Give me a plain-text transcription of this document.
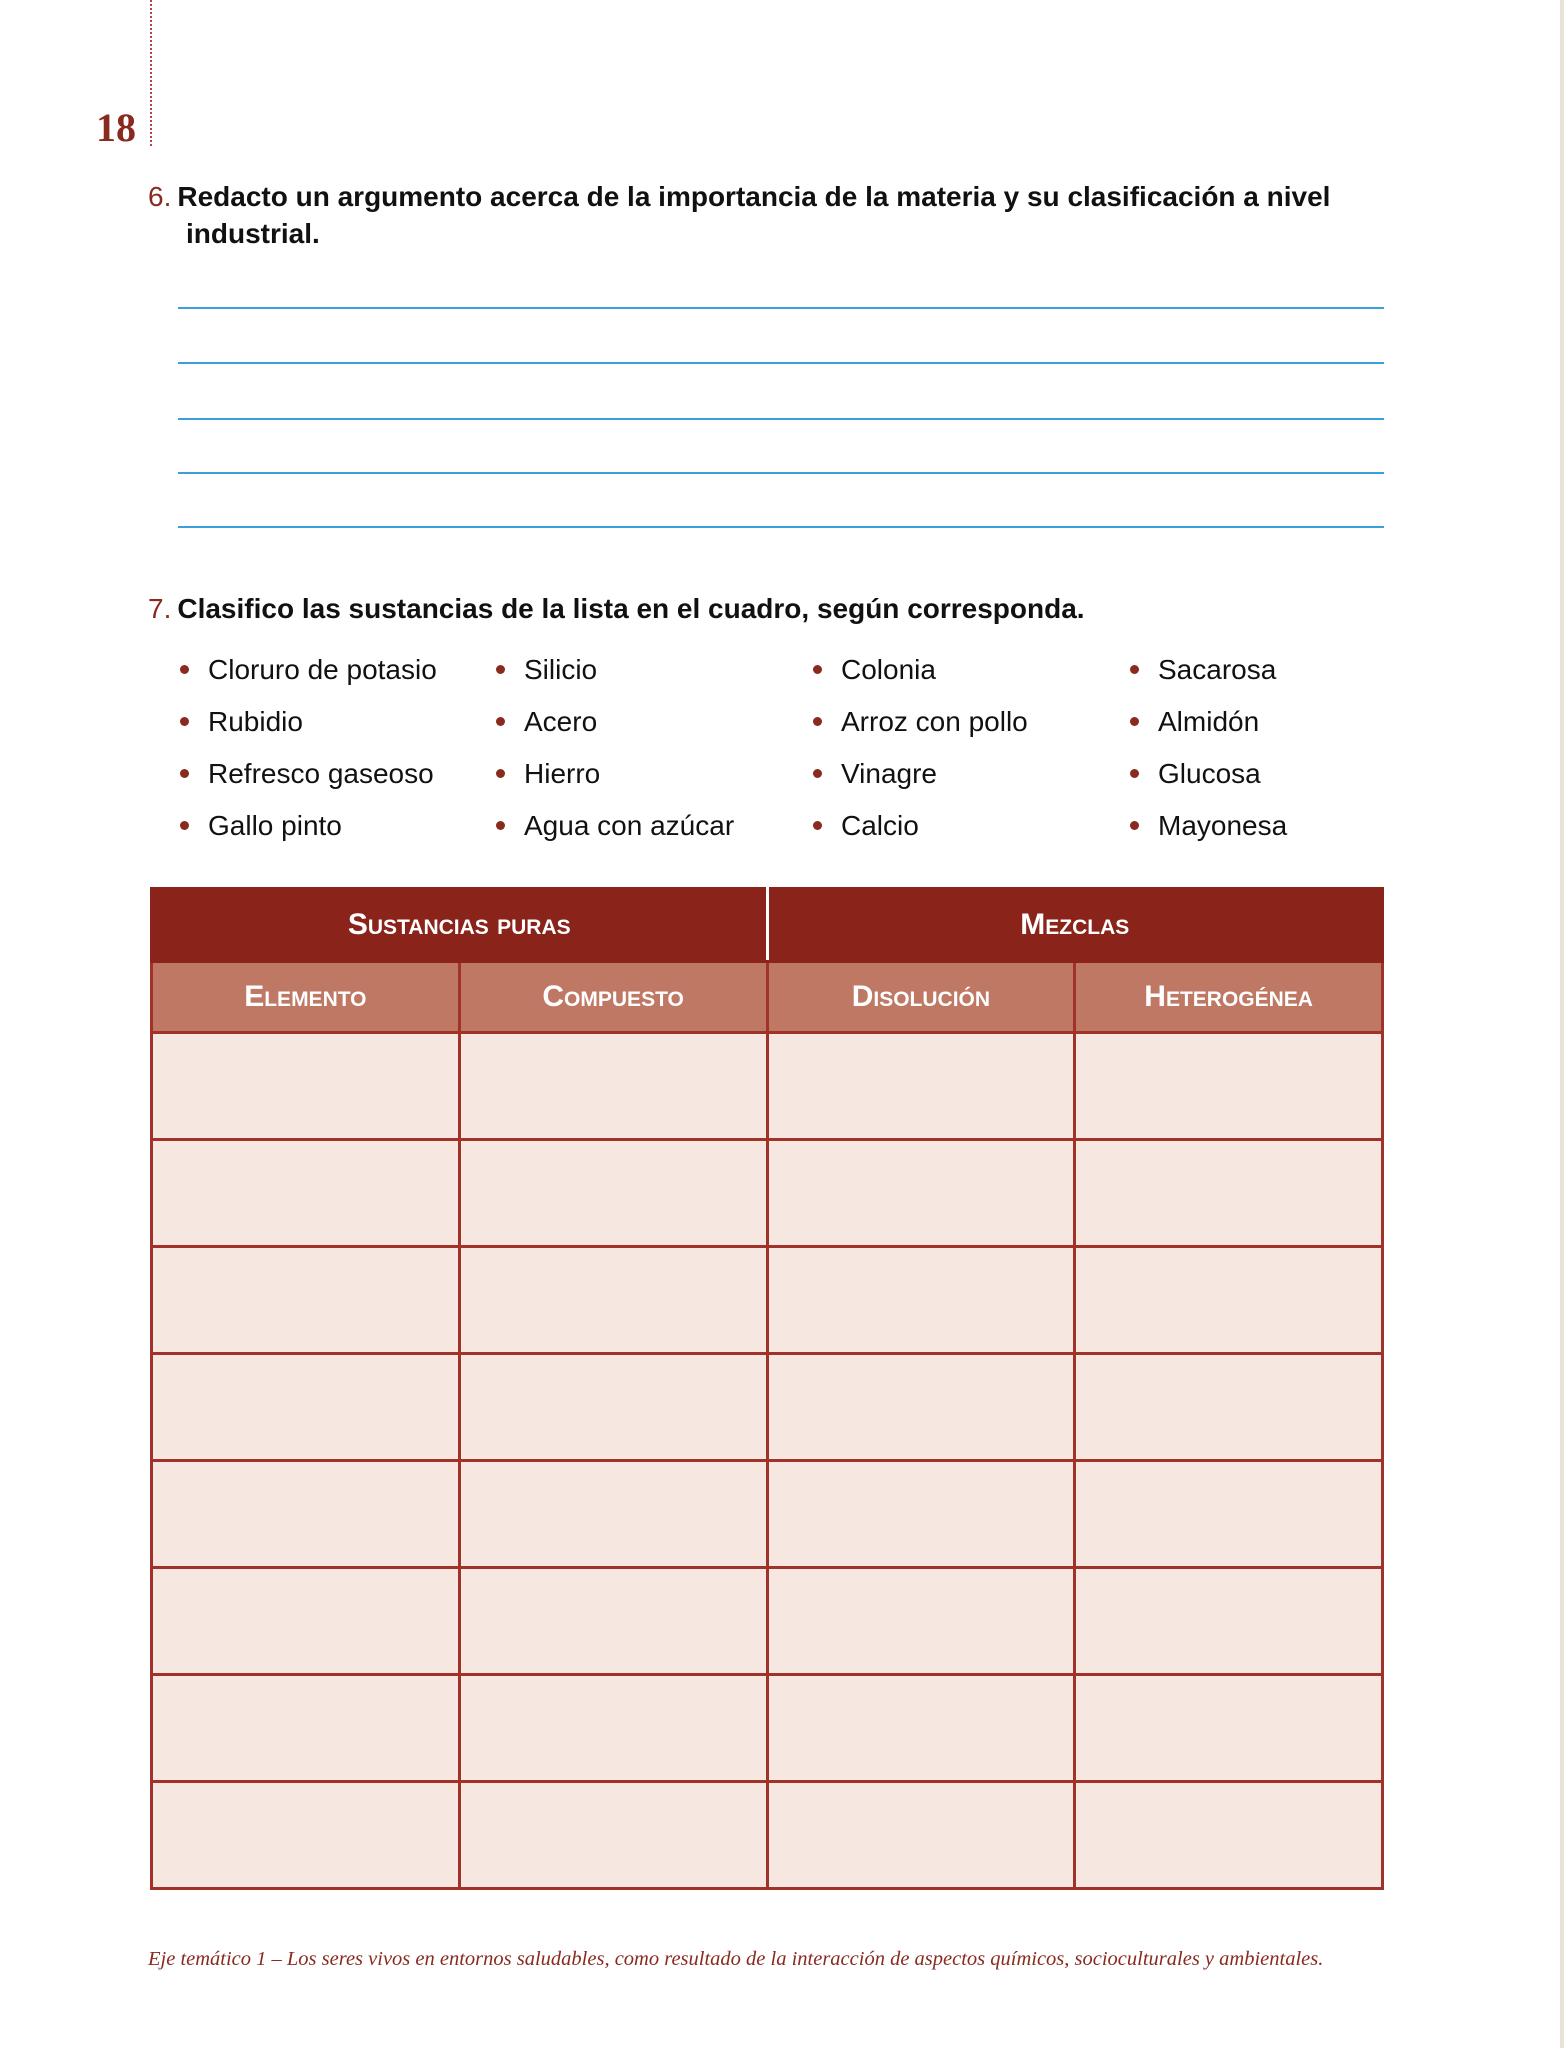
18
6. Redacto un argumento acerca de la importancia de la materia y su clasificación a nivel
industrial.
7. Clasifico las sustancias de la lista en el cuadro, según corresponda.
Cloruro de potasio
Rubidio
Refresco gaseoso
Gallo pinto
Silicio
Acero
Hierro
Agua con azúcar
Colonia
Arroz con pollo
Vinagre
Calcio
Sacarosa
Almidón
Glucosa
Mayonesa
Sustancias puras		Mezclas	
Elemento	Compuesto	Disolución	Heterogénea

Eje temático 1 – Los seres vivos en entornos saludables, como resultado de la interacción de aspectos químicos, socioculturales y ambientales.
